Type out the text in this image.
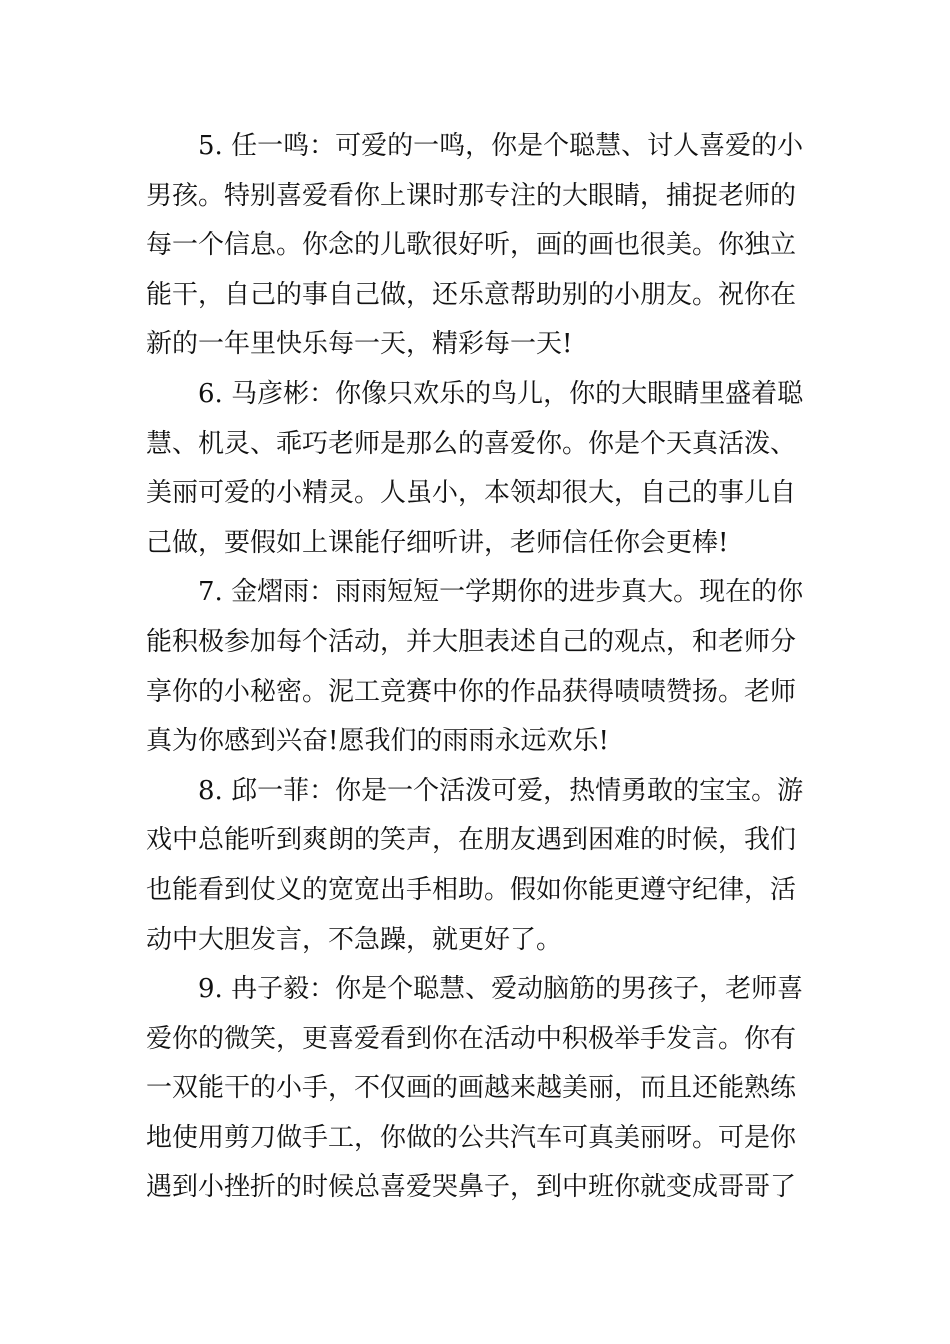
5. 任一鸣：可爱的一鸣，你是个聪慧、讨人喜爱的小
男孩。特别喜爱看你上课时那专注的大眼睛，捕捉老师的
每一个信息。你念的儿歌很好听，画的画也很美。你独立
能干，自己的事自己做，还乐意帮助别的小朋友。祝你在
新的一年里快乐每一天，精彩每一天!
6. 马彦彬：你像只欢乐的鸟儿，你的大眼睛里盛着聪
慧、机灵、乖巧老师是那么的喜爱你。你是个天真活泼、
美丽可爱的小精灵。人虽小，本领却很大，自己的事儿自
己做，要假如上课能仔细听讲，老师信任你会更棒!
7. 金熠雨：雨雨短短一学期你的进步真大。现在的你
能积极参加每个活动，并大胆表述自己的观点，和老师分
享你的小秘密。泥工竞赛中你的作品获得啧啧赞扬。老师
真为你感到兴奋!愿我们的雨雨永远欢乐!
8. 邱一菲：你是一个活泼可爱，热情勇敢的宝宝。游
戏中总能听到爽朗的笑声，在朋友遇到困难的时候，我们
也能看到仗义的宽宽出手相助。假如你能更遵守纪律，活
动中大胆发言，不急躁，就更好了。
9. 冉子毅：你是个聪慧、爱动脑筋的男孩子，老师喜
爱你的微笑，更喜爱看到你在活动中积极举手发言。你有
一双能干的小手，不仅画的画越来越美丽，而且还能熟练
地使用剪刀做手工，你做的公共汽车可真美丽呀。可是你
遇到小挫折的时候总喜爱哭鼻子，到中班你就变成哥哥了
